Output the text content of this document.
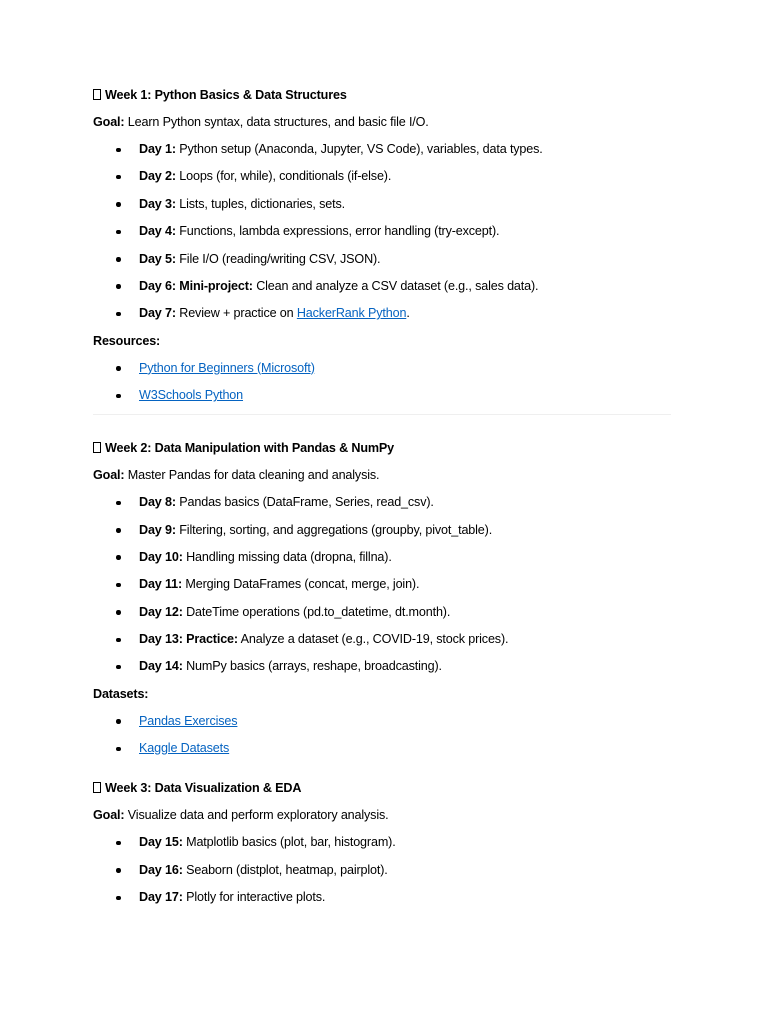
Week 1: Python Basics & Data Structures
Goal: Learn Python syntax, data structures, and basic file I/O.
Day 1: Python setup (Anaconda, Jupyter, VS Code), variables, data types.
Day 2: Loops (for, while), conditionals (if-else).
Day 3: Lists, tuples, dictionaries, sets.
Day 4: Functions, lambda expressions, error handling (try-except).
Day 5: File I/O (reading/writing CSV, JSON).
Day 6: Mini-project: Clean and analyze a CSV dataset (e.g., sales data).
Day 7: Review + practice on HackerRank Python.
Resources:
Python for Beginners (Microsoft)
W3Schools Python
Week 2: Data Manipulation with Pandas & NumPy
Goal: Master Pandas for data cleaning and analysis.
Day 8: Pandas basics (DataFrame, Series, read_csv).
Day 9: Filtering, sorting, and aggregations (groupby, pivot_table).
Day 10: Handling missing data (dropna, fillna).
Day 11: Merging DataFrames (concat, merge, join).
Day 12: DateTime operations (pd.to_datetime, dt.month).
Day 13: Practice: Analyze a dataset (e.g., COVID-19, stock prices).
Day 14: NumPy basics (arrays, reshape, broadcasting).
Datasets:
Pandas Exercises
Kaggle Datasets
Week 3: Data Visualization & EDA
Goal: Visualize data and perform exploratory analysis.
Day 15: Matplotlib basics (plot, bar, histogram).
Day 16: Seaborn (distplot, heatmap, pairplot).
Day 17: Plotly for interactive plots.
